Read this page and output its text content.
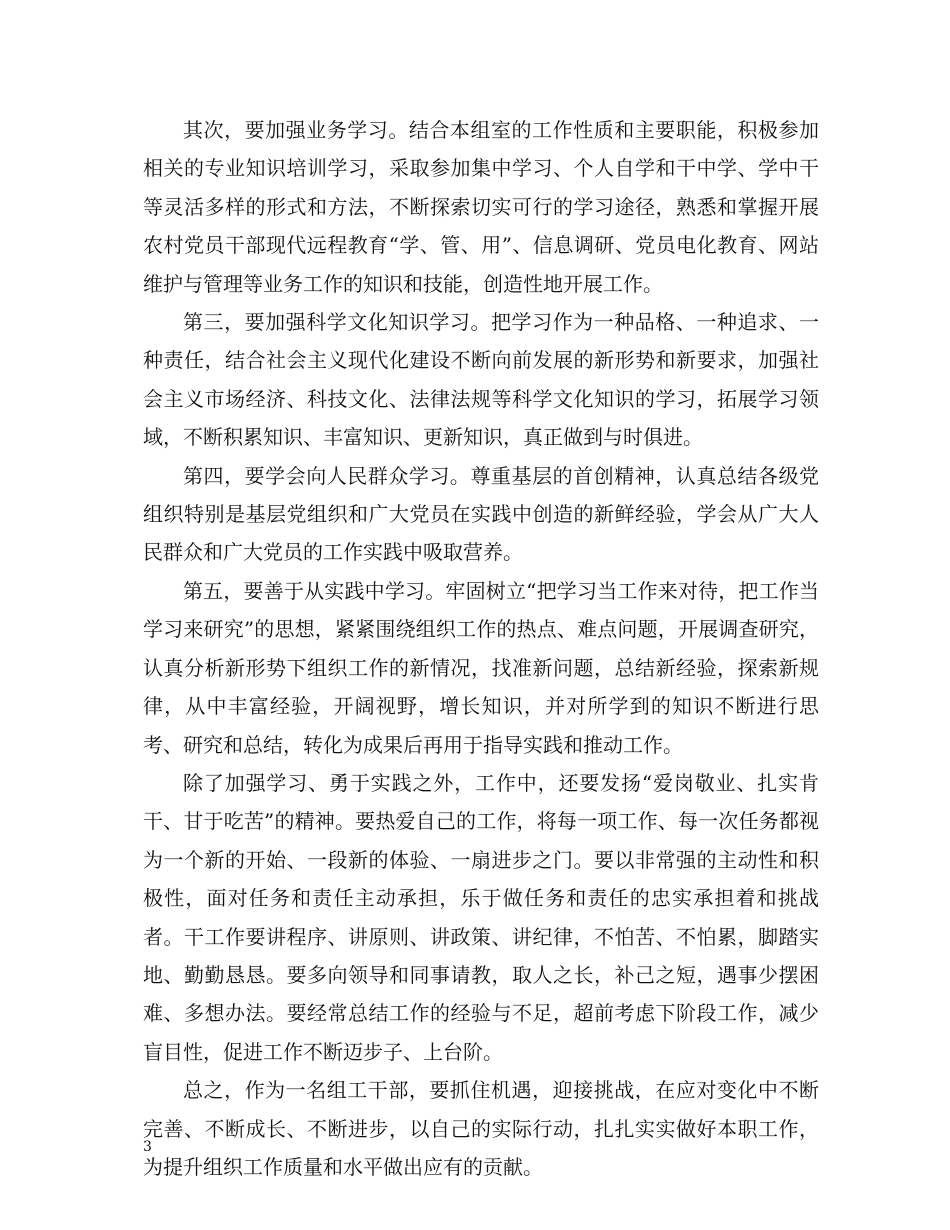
其次，要加强业务学习。结合本组室的工作性质和主要职能，积极参加相关的专业知识培训学习，采取参加集中学习、个人自学和干中学、学中干等灵活多样的形式和方法，不断探索切实可行的学习途径，熟悉和掌握开展农村党员干部现代远程教育“学、管、用”、信息调研、党员电化教育、网站维护与管理等业务工作的知识和技能，创造性地开展工作。

第三，要加强科学文化知识学习。把学习作为一种品格、一种追求、一种责任，结合社会主义现代化建设不断向前发展的新形势和新要求，加强社会主义市场经济、科技文化、法律法规等科学文化知识的学习，拓展学习领域，不断积累知识、丰富知识、更新知识，真正做到与时俱进。

第四，要学会向人民群众学习。尊重基层的首创精神，认真总结各级党组织特别是基层党组织和广大党员在实践中创造的新鲜经验，学会从广大人民群众和广大党员的工作实践中吸取营养。

第五，要善于从实践中学习。牢固树立“把学习当工作来对待，把工作当学习来研究”的思想，紧紧围绕组织工作的热点、难点问题，开展调查研究，认真分析新形势下组织工作的新情况，找准新问题，总结新经验，探索新规律，从中丰富经验，开阔视野，增长知识，并对所学到的知识不断进行思考、研究和总结，转化为成果后再用于指导实践和推动工作。

除了加强学习、勇于实践之外，工作中，还要发扬“爱岗敬业、扎实肯干、甘于吃苦”的精神。要热爱自己的工作，将每一项工作、每一次任务都视为一个新的开始、一段新的体验、一扇进步之门。要以非常强的主动性和积极性，面对任务和责任主动承担，乐于做任务和责任的忠实承担着和挑战者。干工作要讲程序、讲原则、讲政策、讲纪律，不怕苦、不怕累，脚踏实地、勤勤恳恳。要多向领导和同事请教，取人之长，补己之短，遇事少摆困难、多想办法。要经常总结工作的经验与不足，超前考虑下阶段工作，减少盲目性，促进工作不断迈步子、上台阶。

总之，作为一名组工干部，要抓住机遇，迎接挑战，在应对变化中不断完善、不断成长、不断进步，以自己的实际行动，扎扎实实做好本职工作，为提升组织工作质量和水平做出应有的贡献。

3
